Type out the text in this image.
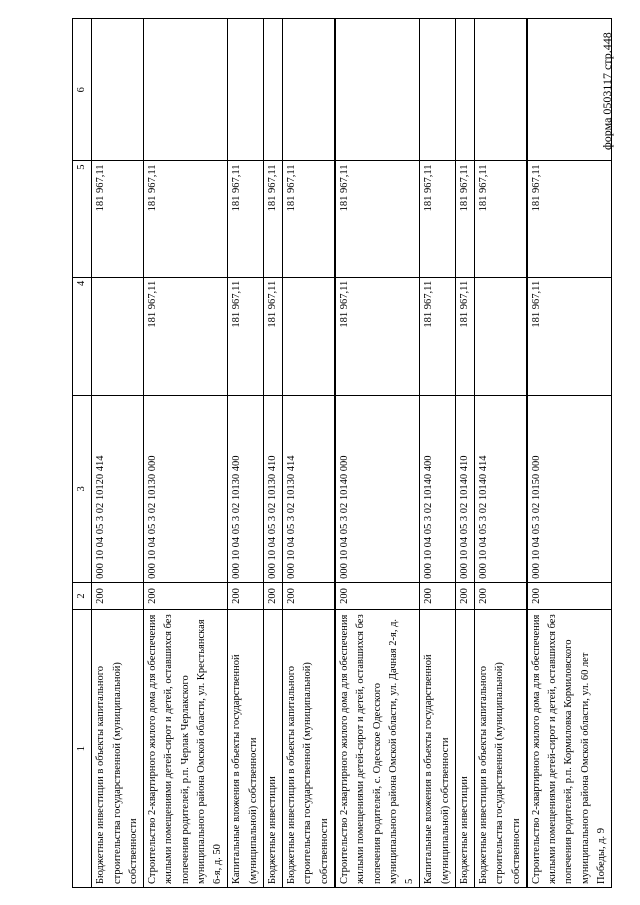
форма 0503117 стр.448
1	2	3	4	5	6
Бюджетные инвестиции в объекты капитального строительства государственной (муниципальной) собственности	200	000 10 04 05 3 02 10120 414		181 967,11	
Строительство 2-квартирного жилого дома для обеспечения жилыми помещениями детей-сирот и детей, оставшихся без попечения родителей, р.п. Черлак Черлакского муниципального района Омской области, ул. Крестьянская 6-я, д. 50	200	000 10 04 05 3 02 10130 000	181 967,11	181 967,11	
Капитальные вложения в объекты государственной (муниципальной) собственности	200	000 10 04 05 3 02 10130 400	181 967,11	181 967,11	
Бюджетные инвестиции	200	000 10 04 05 3 02 10130 410	181 967,11	181 967,11	
Бюджетные инвестиции в объекты капитального строительства государственной (муниципальной) собственности	200	000 10 04 05 3 02 10130 414		181 967,11	
Строительство 2-квартирного жилого дома для обеспечения жилыми помещениями детей-сирот и детей, оставшихся без попечения родителей, с. Одесское Одесского муниципального района Омской области, ул. Дачная 2-я, д. 5	200	000 10 04 05 3 02 10140 000	181 967,11	181 967,11	
Капитальные вложения в объекты государственной (муниципальной) собственности	200	000 10 04 05 3 02 10140 400	181 967,11	181 967,11	
Бюджетные инвестиции	200	000 10 04 05 3 02 10140 410	181 967,11	181 967,11	
Бюджетные инвестиции в объекты капитального строительства государственной (муниципальной) собственности	200	000 10 04 05 3 02 10140 414		181 967,11	
Строительство 2-квартирного жилого дома для обеспечения жилыми помещениями детей-сирот и детей, оставшихся без попечения родителей, р.п. Кормиловка Кормиловского муниципального района Омской области, ул. 60 лет Победы, д. 9	200	000 10 04 05 3 02 10150 000	181 967,11	181 967,11	
